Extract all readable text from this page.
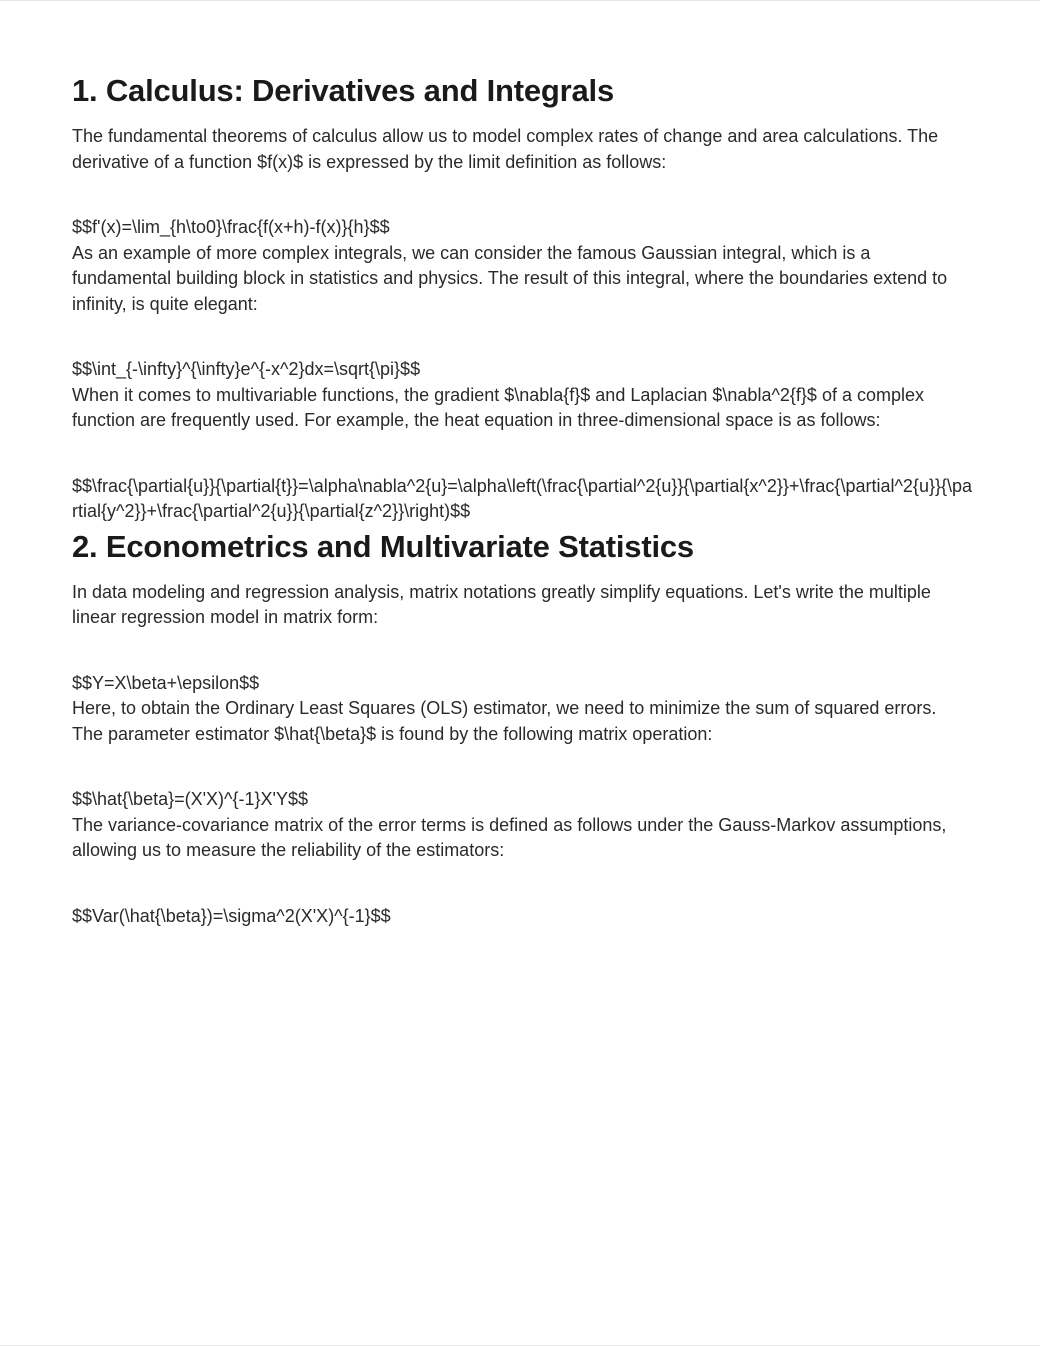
1. Calculus: Derivatives and Integrals

The fundamental theorems of calculus allow us to model complex rates of change and area calculations. The derivative of a function $f(x)$ is expressed by the limit definition as follows:

$$f'(x)=\lim_{h\to0}\frac{f(x+h)-f(x)}{h}$$

As an example of more complex integrals, we can consider the famous Gaussian integral, which is a fundamental building block in statistics and physics. The result of this integral, where the boundaries extend to infinity, is quite elegant:

$$\int_{-\infty}^{\infty}e^{-x^2}dx=\sqrt{\pi}$$

When it comes to multivariable functions, the gradient $\nabla{f}$ and Laplacian $\nabla^2{f}$ of a complex function are frequently used. For example, the heat equation in three-dimensional space is as follows:

$$\frac{\partial{u}}{\partial{t}}=\alpha\nabla^2{u}=\alpha\left(\frac{\partial^2{u}}{\partial{x^2}}+\frac{\partial^2{u}}{\partial{y^2}}+\frac{\partial^2{u}}{\partial{z^2}}\right)$$
2. Econometrics and Multivariate Statistics

In data modeling and regression analysis, matrix notations greatly simplify equations. Let's write the multiple linear regression model in matrix form:

$$Y=X\beta+\epsilon$$

Here, to obtain the Ordinary Least Squares (OLS) estimator, we need to minimize the sum of squared errors. The parameter estimator $\hat{\beta}$ is found by the following matrix operation:

$$\hat{\beta}=(X'X)^{-1}X'Y$$

The variance-covariance matrix of the error terms is defined as follows under the Gauss-Markov assumptions, allowing us to measure the reliability of the estimators:

$$Var(\hat{\beta})=\sigma^2(X'X)^{-1}$$
